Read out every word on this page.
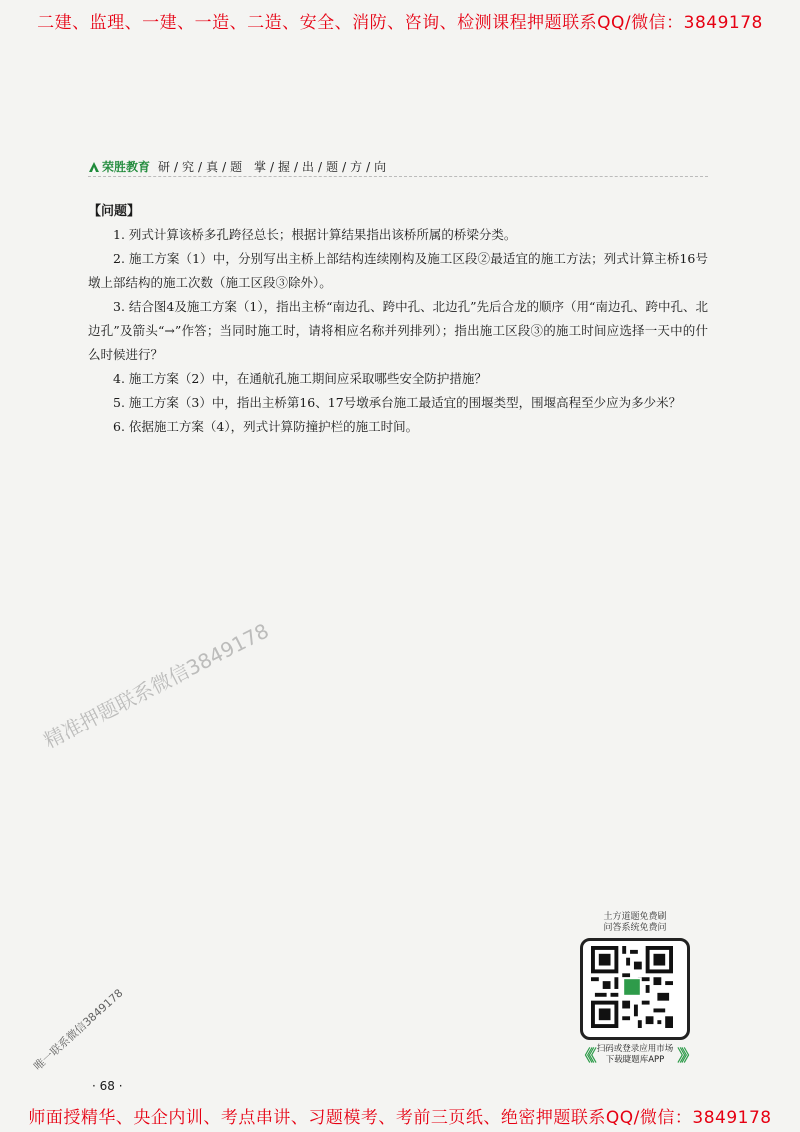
二建、监理、一建、一造、二造、安全、消防、咨询、检测课程押题联系QQ/微信：3849178
荣胜教育 研/究/真/题 掌/握/出/题/方/向
【问题】

1. 列式计算该桥多孔跨径总长；根据计算结果指出该桥所属的桥梁分类。

2. 施工方案（1）中，分别写出主桥上部结构连续刚构及施工区段②最适宜的施工方法；列式计算主桥16号墩上部结构的施工次数（施工区段③除外）。

3. 结合图4及施工方案（1），指出主桥“南边孔、跨中孔、北边孔”先后合龙的顺序（用“南边孔、跨中孔、北边孔”及箭头“→”作答；当同时施工时，请将相应名称并列排列）；指出施工区段③的施工时间应选择一天中的什么时候进行？

4. 施工方案（2）中，在通航孔施工期间应采取哪些安全防护措施？

5. 施工方案（3）中，指出主桥第16、17号墩承台施工最适宜的围堰类型，围堰高程至少应为多少米？

6. 依据施工方案（4），列式计算防撞护栏的施工时间。

精准押题联系微信3849178
唯一联系微信3849178
· 68 ·
土方道题免费刷
问答系统免费问
《《 扫码或登录应用市场
下载睫题库APP 》》
师面授精华、央企内训、考点串讲、习题模考、考前三页纸、绝密押题联系QQ/微信：3849178
